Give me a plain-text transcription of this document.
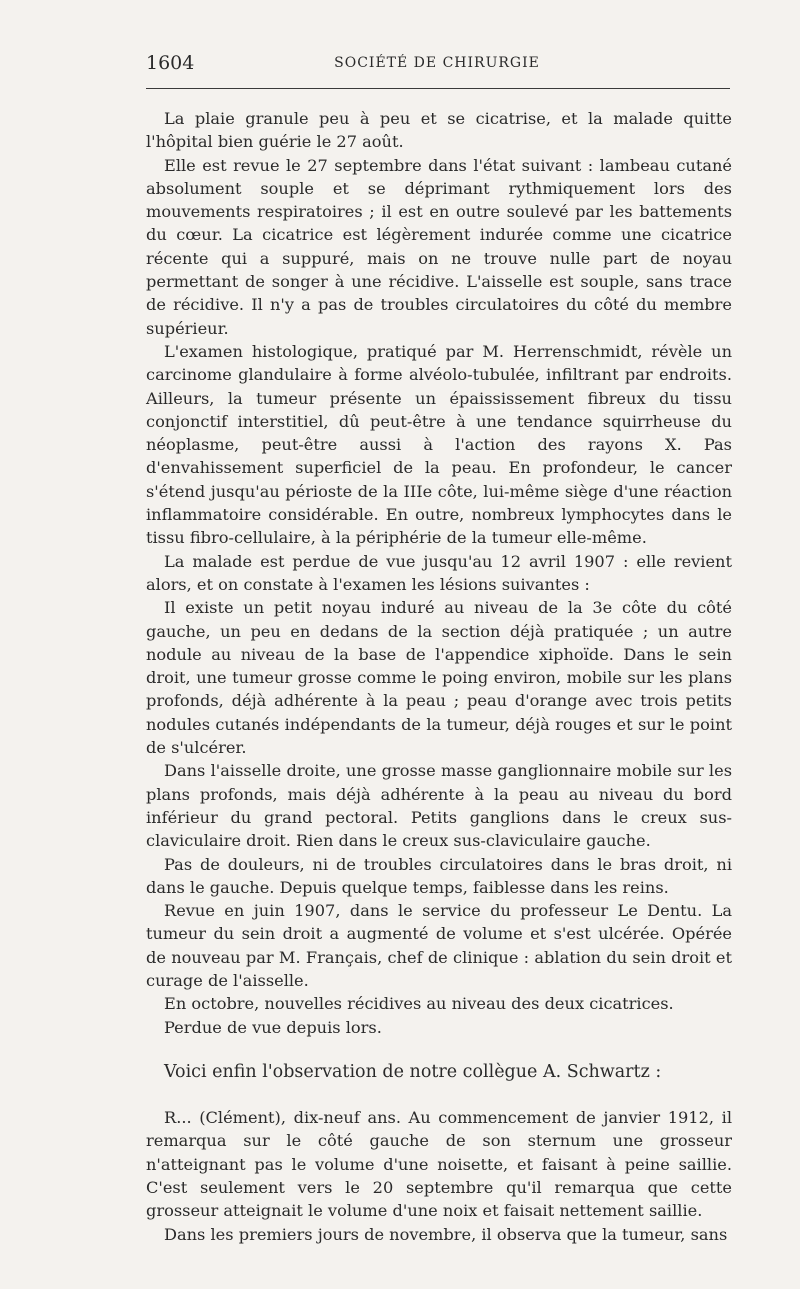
1604	SOCIÉTÉ DE CHIRURGIE

La plaie granule peu à peu et se cicatrise, et la malade quitte l'hôpital bien guérie le 27 août.

Elle est revue le 27 septembre dans l'état suivant : lambeau cutané absolument souple et se déprimant rythmiquement lors des mouvements respiratoires ; il est en outre soulevé par les battements du cœur. La cicatrice est légèrement indurée comme une cicatrice récente qui a suppuré, mais on ne trouve nulle part de noyau permettant de songer à une récidive. L'aisselle est souple, sans trace de récidive. Il n'y a pas de troubles circulatoires du côté du membre supérieur.

L'examen histologique, pratiqué par M. Herrenschmidt, révèle un carcinome glandulaire à forme alvéolo-tubulée, infiltrant par endroits. Ailleurs, la tumeur présente un épaississement fibreux du tissu conjonctif interstitiel, dû peut-être à une tendance squirrheuse du néoplasme, peut-être aussi à l'action des rayons X. Pas d'envahissement superficiel de la peau. En profondeur, le cancer s'étend jusqu'au périoste de la IIIe côte, lui-même siège d'une réaction inflammatoire considérable. En outre, nombreux lymphocytes dans le tissu fibro-cellulaire, à la périphérie de la tumeur elle-même.

La malade est perdue de vue jusqu'au 12 avril 1907 : elle revient alors, et on constate à l'examen les lésions suivantes :

Il existe un petit noyau induré au niveau de la 3e côte du côté gauche, un peu en dedans de la section déjà pratiquée ; un autre nodule au niveau de la base de l'appendice xiphoïde. Dans le sein droit, une tumeur grosse comme le poing environ, mobile sur les plans profonds, déjà adhérente à la peau ; peau d'orange avec trois petits nodules cutanés indépendants de la tumeur, déjà rouges et sur le point de s'ulcérer.

Dans l'aisselle droite, une grosse masse ganglionnaire mobile sur les plans profonds, mais déjà adhérente à la peau au niveau du bord inférieur du grand pectoral. Petits ganglions dans le creux sus-claviculaire droit. Rien dans le creux sus-claviculaire gauche.

Pas de douleurs, ni de troubles circulatoires dans le bras droit, ni dans le gauche. Depuis quelque temps, faiblesse dans les reins.

Revue en juin 1907, dans le service du professeur Le Dentu. La tumeur du sein droit a augmenté de volume et s'est ulcérée. Opérée de nouveau par M. Français, chef de clinique : ablation du sein droit et curage de l'aisselle.

En octobre, nouvelles récidives au niveau des deux cicatrices.

Perdue de vue depuis lors.

Voici enfin l'observation de notre collègue A. Schwartz :

R... (Clément), dix-neuf ans. Au commencement de janvier 1912, il remarqua sur le côté gauche de son sternum une grosseur n'atteignant pas le volume d'une noisette, et faisant à peine saillie. C'est seulement vers le 20 septembre qu'il remarqua que cette grosseur atteignait le volume d'une noix et faisait nettement saillie.

Dans les premiers jours de novembre, il observa que la tumeur, sans
